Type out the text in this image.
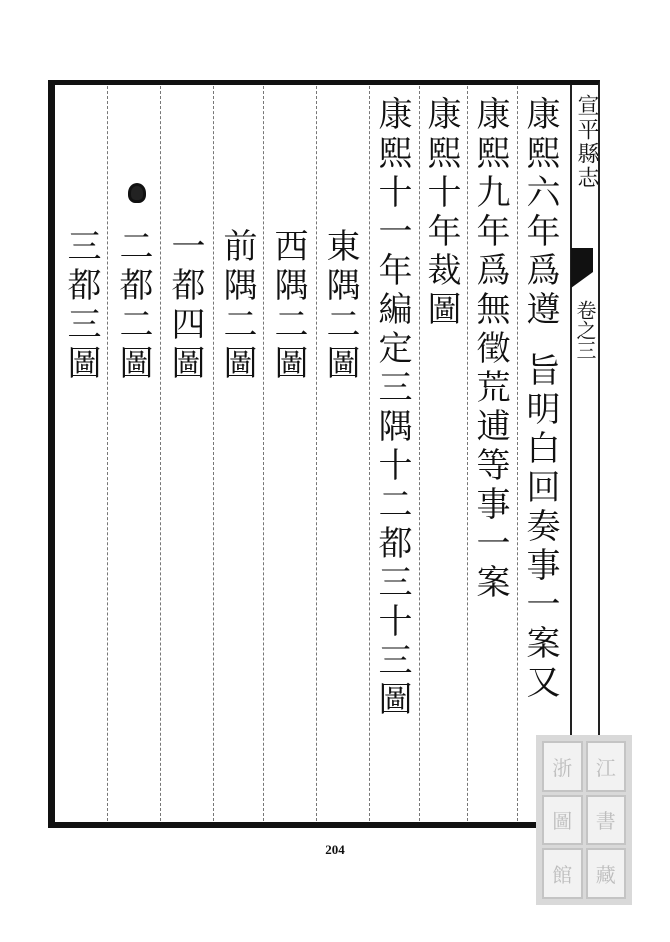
宣平縣志
卷之三
康熙六年爲遵旨明白回奏事一案又
康熙九年爲無徵荒逋等事一案
康熙十年裁圖
康熙十一年編定三隅十二都三十三圖
東隅二圖
西隅二圖
前隅二圖
一都四圖
二都二圖
三都三圖
204
浙	江
圖	書
館	藏
